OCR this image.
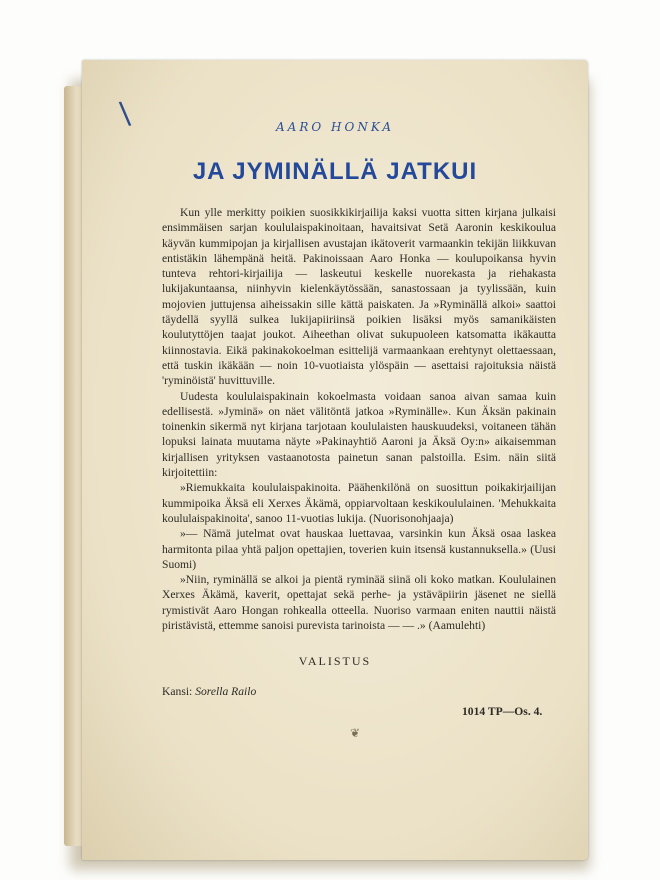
\	AARO HONKA
JA JYMINÄLLÄ JATKUI

Kun ylle merkitty poikien suosikkikirjailija kaksi vuotta sitten kirjana julkaisi ensimmäisen sarjan koululaispakinoitaan, havaitsivat Setä Aaronin keskikoulua käyvän kummipojan ja kirjallisen avustajan ikätoverit varmaankin tekijän liikkuvan entistäkin lähempänä heitä. Pakinoissaan Aaro Honka — koulupoikansa hyvin tunteva rehtori-kirjailija — laskeutui keskelle nuorekasta ja riehakasta lukijakuntaansa, niinhyvin kielenkäytössään, sanastossaan ja tyylissään, kuin mojovien juttujensa aiheissakin sille kättä paiskaten. Ja »Ryminällä alkoi» saattoi täydellä syyllä sulkea lukijapiiriinsä poikien lisäksi myös samanikäisten koulutyttöjen taajat joukot. Aiheethan olivat sukupuoleen katsomatta ikäkautta kiinnostavia. Eikä pakinakokoelman esittelijä varmaankaan erehtynyt olettaessaan, että tuskin ikäkään — noin 10-vuotiaista ylöspäin — asettaisi rajoituksia näistä 'ryminöistä' huvittuville.

Uudesta koululaispakinain kokoelmasta voidaan sanoa aivan samaa kuin edellisestä. »Jyminä» on näet välitöntä jatkoa »Ryminälle». Kun Äksän pakinain toinenkin sikermä nyt kirjana tarjotaan koululaisten hauskuudeksi, voitaneen tähän lopuksi lainata muutama näyte »Pakinayhtiö Aaroni ja Äksä Oy:n» aikaisemman kirjallisen yrityksen vastaanotosta painetun sanan palstoilla. Esim. näin siitä kirjoitettiin:

»Riemukkaita koululaispakinoita. Päähenkilönä on suosittun poikakirjailijan kummipoika Äksä eli Xerxes Äkämä, oppiarvoltaan keskikoululainen. 'Mehukkaita koululaispakinoita', sanoo 11-vuotias lukija. (Nuorisonohjaaja)

»— Nämä jutelmat ovat hauskaa luettavaa, varsinkin kun Äksä osaa laskea harmitonta pilaa yhtä paljon opettajien, toverien kuin itsensä kustannuksella.» (Uusi Suomi)

»Niin, ryminällä se alkoi ja pientä ryminää siinä oli koko matkan. Koululainen Xerxes Äkämä, kaverit, opettajat sekä perhe- ja ystäväpiirin jäsenet ne siellä rymistivät Aaro Hongan rohkealla otteella. Nuoriso varmaan eniten nauttii näistä piristävistä, ettemme sanoisi purevista tarinoista — — .» (Aamulehti)

VALISTUS
Kansi: Sorella Railo
1014 TP—Os. 4.
❦
